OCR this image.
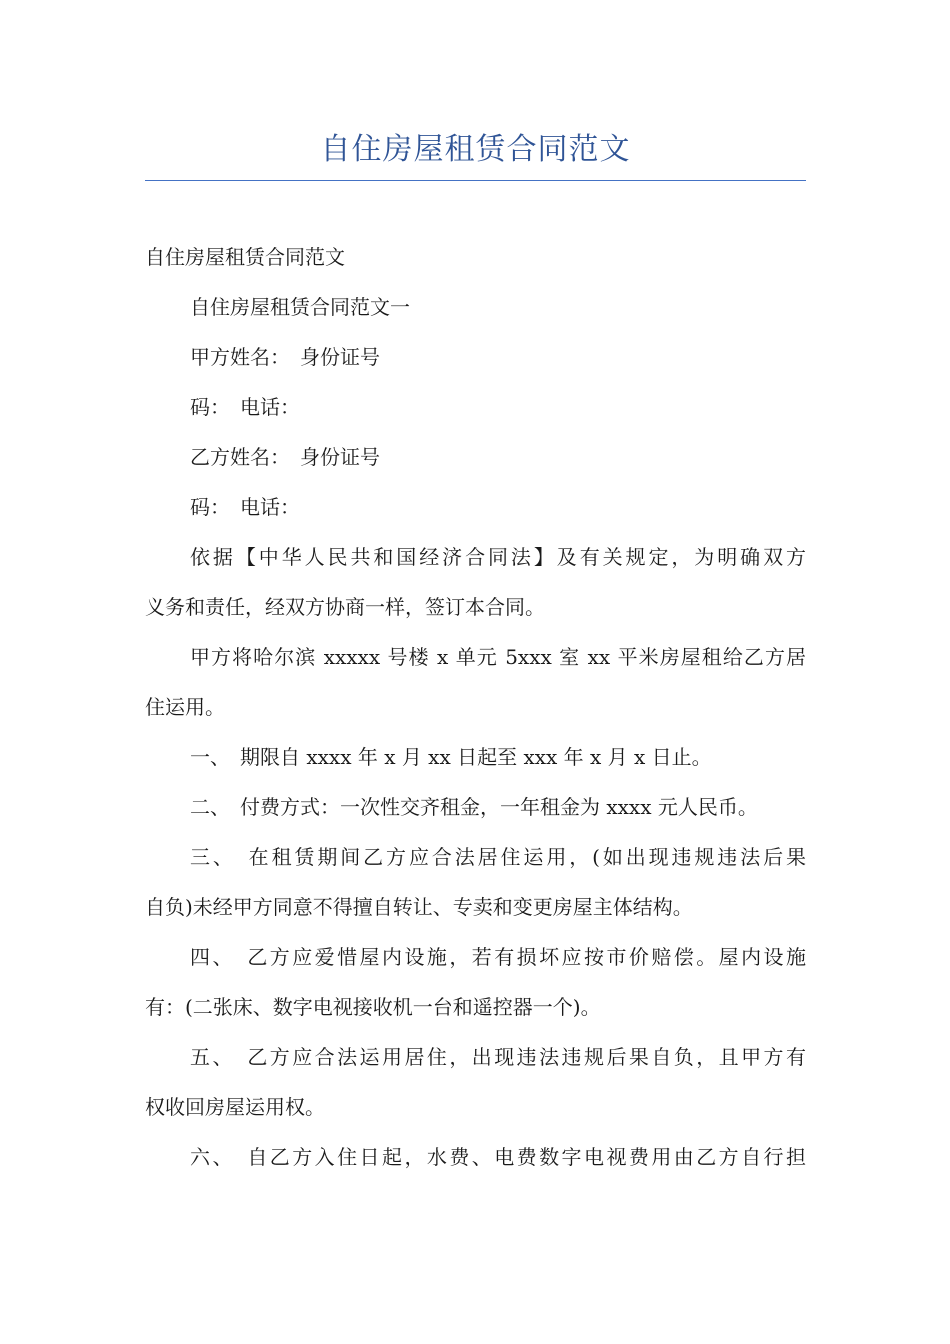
自住房屋租赁合同范文
自住房屋租赁合同范文
自住房屋租赁合同范文一
甲方姓名：　身份证号
码：　电话：
乙方姓名：　身份证号
码：　电话：
依据【中华人民共和国经济合同法】及有关规定，为明确双方
义务和责任，经双方协商一样，签订本合同。
甲方将哈尔滨 xxxxx 号楼 x 单元 5xxx 室 xx 平米房屋租给乙方居
住运用。
一、　期限自 xxxx 年 x 月 xx 日起至 xxx 年 x 月 x 日止。
二、　付费方式：一次性交齐租金，一年租金为 xxxx 元人民币。
三、　在租赁期间乙方应合法居住运用，(如出现违规违法后果
自负)未经甲方同意不得擅自转让、专卖和变更房屋主体结构。
四、　乙方应爱惜屋内设施，若有损坏应按市价赔偿。屋内设施
有：(二张床、数字电视接收机一台和遥控器一个)。
五、　乙方应合法运用居住，出现违法违规后果自负，且甲方有
权收回房屋运用权。
六、　自乙方入住日起，水费、电费数字电视费用由乙方自行担
